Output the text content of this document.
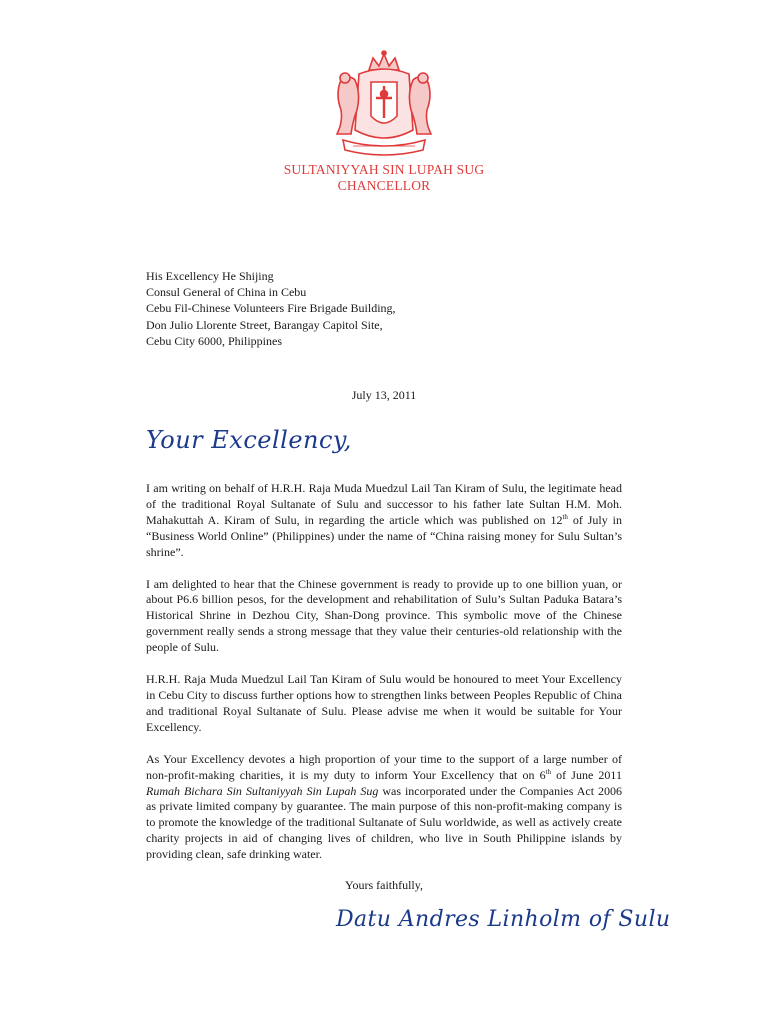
SULTANIYYAH SIN LUPAH SUG
CHANCELLOR
His Excellency He Shijing
Consul General of China in Cebu
Cebu Fil-Chinese Volunteers Fire Brigade Building,
Don Julio Llorente Street, Barangay Capitol Site,
Cebu City 6000, Philippines
July 13, 2011
Your Excellency,

I am writing on behalf of H.R.H. Raja Muda Muedzul Lail Tan Kiram of Sulu, the legitimate head of the traditional Royal Sultanate of Sulu and successor to his father late Sultan H.M. Moh. Mahakuttah A. Kiram of Sulu, in regarding the article which was published on 12th of July in “Business World Online” (Philippines) under the name of “China raising money for Sulu Sultan’s shrine”.

I am delighted to hear that the Chinese government is ready to provide up to one billion yuan, or about P6.6 billion pesos, for the development and rehabilitation of Sulu’s Sultan Paduka Batara’s Historical Shrine in Dezhou City, Shan-Dong province. This symbolic move of the Chinese government really sends a strong message that they value their centuries-old relationship with the people of Sulu.

H.R.H. Raja Muda Muedzul Lail Tan Kiram of Sulu would be honoured to meet Your Excellency in Cebu City to discuss further options how to strengthen links between Peoples Republic of China and traditional Royal Sultanate of Sulu. Please advise me when it would be suitable for Your Excellency.

As Your Excellency devotes a high proportion of your time to the support of a large number of non-profit-making charities, it is my duty to inform Your Excellency that on 6th of June 2011 Rumah Bichara Sin Sultaniyyah Sin Lupah Sug was incorporated under the Companies Act 2006 as private limited company by guarantee. The main purpose of this non-profit-making company is to promote the knowledge of the traditional Sultanate of Sulu worldwide, as well as actively create charity projects in aid of changing lives of children, who live in South Philippine islands by providing clean, safe drinking water.

Yours faithfully,
Datu Andres Linholm of Sulu
